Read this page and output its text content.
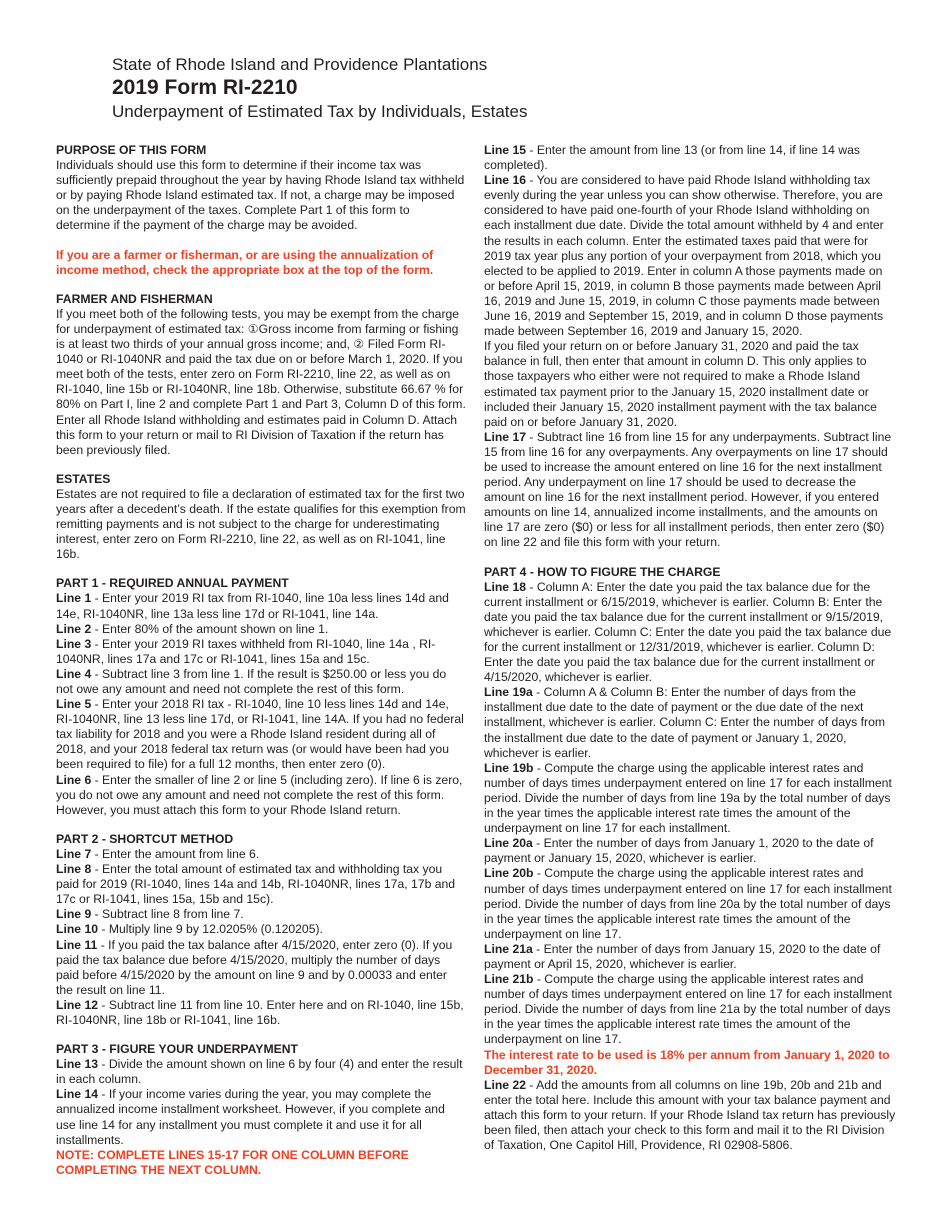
State of Rhode Island and Providence Plantations
2019 Form RI-2210
Underpayment of Estimated Tax by Individuals, Estates
PURPOSE OF THIS FORM

Individuals should use this form to determine if their income tax was sufficiently prepaid throughout the year by having Rhode Island tax withheld or by paying Rhode Island estimated tax. If not, a charge may be imposed on the underpayment of the taxes. Complete Part 1 of this form to determine if the payment of the charge may be avoided.

If you are a farmer or fisherman, or are using the annualization of income method, check the appropriate box at the top of the form.

FARMER AND FISHERMAN

If you meet both of the following tests, you may be exempt from the charge for underpayment of estimated tax: ①Gross income from farming or fishing is at least two thirds of your annual gross income; and, ② Filed Form RI-1040 or RI-1040NR and paid the tax due on or before March 1, 2020. If you meet both of the tests, enter zero on Form RI-2210, line 22, as well as on RI-1040, line 15b or RI-1040NR, line 18b. Otherwise, substitute 66.67 % for 80% on Part I, line 2 and complete Part 1 and Part 3, Column D of this form. Enter all Rhode Island withholding and estimates paid in Column D. Attach this form to your return or mail to RI Division of Taxation if the return has been previously filed.

ESTATES

Estates are not required to file a declaration of estimated tax for the first two years after a decedent’s death. If the estate qualifies for this exemption from remitting payments and is not subject to the charge for underestimating interest, enter zero on Form RI-2210, line 22, as well as on RI-1041, line 16b.

PART 1 - REQUIRED ANNUAL PAYMENT

Line 1 - Enter your 2019 RI tax from RI-1040, line 10a less lines 14d and 14e, RI-1040NR, line 13a less line 17d or RI-1041, line 14a.

Line 2 - Enter 80% of the amount shown on line 1.

Line 3 - Enter your 2019 RI taxes withheld from RI-1040, line 14a , RI-1040NR, lines 17a and 17c or RI-1041, lines 15a and 15c.

Line 4 - Subtract line 3 from line 1. If the result is $250.00 or less you do not owe any amount and need not complete the rest of this form.

Line 5 - Enter your 2018 RI tax - RI-1040, line 10 less lines 14d and 14e, RI-1040NR, line 13 less line 17d, or RI-1041, line 14A. If you had no federal tax liability for 2018 and you were a Rhode Island resident during all of 2018, and your 2018 federal tax return was (or would have been had you been required to file) for a full 12 months, then enter zero (0).

Line 6 - Enter the smaller of line 2 or line 5 (including zero). If line 6 is zero, you do not owe any amount and need not complete the rest of this form. However, you must attach this form to your Rhode Island return.

PART 2 - SHORTCUT METHOD

Line 7 - Enter the amount from line 6.

Line 8 - Enter the total amount of estimated tax and withholding tax you paid for 2019 (RI-1040, lines 14a and 14b, RI-1040NR, lines 17a, 17b and 17c or RI-1041, lines 15a, 15b and 15c).

Line 9 - Subtract line 8 from line 7.

Line 10 - Multiply line 9 by 12.0205% (0.120205).

Line 11 - If you paid the tax balance after 4/15/2020, enter zero (0). If you paid the tax balance due before 4/15/2020, multiply the number of days paid before 4/15/2020 by the amount on line 9 and by 0.00033 and enter the result on line 11.

Line 12 - Subtract line 11 from line 10. Enter here and on RI-1040, line 15b, RI-1040NR, line 18b or RI-1041, line 16b.

PART 3 - FIGURE YOUR UNDERPAYMENT

Line 13 - Divide the amount shown on line 6 by four (4) and enter the result in each column.

Line 14 - If your income varies during the year, you may complete the annualized income installment worksheet. However, if you complete and use line 14 for any installment you must complete it and use it for all installments.

NOTE: COMPLETE LINES 15-17 FOR ONE COLUMN BEFORE COMPLETING THE NEXT COLUMN.

Line 15 - Enter the amount from line 13 (or from line 14, if line 14 was completed).

Line 16 - You are considered to have paid Rhode Island withholding tax evenly during the year unless you can show otherwise. Therefore, you are considered to have paid one-fourth of your Rhode Island withholding on each installment due date. Divide the total amount withheld by 4 and enter the results in each column. Enter the estimated taxes paid that were for 2019 tax year plus any portion of your overpayment from 2018, which you elected to be applied to 2019. Enter in column A those payments made on or before April 15, 2019, in column B those payments made between April 16, 2019 and June 15, 2019, in column C those payments made between June 16, 2019 and September 15, 2019, and in column D those payments made between September 16, 2019 and January 15, 2020.

If you filed your return on or before January 31, 2020 and paid the tax balance in full, then enter that amount in column D. This only applies to those taxpayers who either were not required to make a Rhode Island estimated tax payment prior to the January 15, 2020 installment date or included their January 15, 2020 installment payment with the tax balance paid on or before January 31, 2020.

Line 17 - Subtract line 16 from line 15 for any underpayments. Subtract line 15 from line 16 for any overpayments. Any overpayments on line 17 should be used to increase the amount entered on line 16 for the next installment period. Any underpayment on line 17 should be used to decrease the amount on line 16 for the next installment period. However, if you entered amounts on line 14, annualized income installments, and the amounts on line 17 are zero ($0) or less for all installment periods, then enter zero ($0) on line 22 and file this form with your return.

PART 4 - HOW TO FIGURE THE CHARGE

Line 18 - Column A: Enter the date you paid the tax balance due for the current installment or 6/15/2019, whichever is earlier. Column B: Enter the date you paid the tax balance due for the current installment or 9/15/2019, whichever is earlier. Column C: Enter the date you paid the tax balance due for the current installment or 12/31/2019, whichever is earlier. Column D: Enter the date you paid the tax balance due for the current installment or 4/15/2020, whichever is earlier.

Line 19a - Column A & Column B: Enter the number of days from the installment due date to the date of payment or the due date of the next installment, whichever is earlier. Column C: Enter the number of days from the installment due date to the date of payment or January 1, 2020, whichever is earlier.

Line 19b - Compute the charge using the applicable interest rates and number of days times underpayment entered on line 17 for each installment period. Divide the number of days from line 19a by the total number of days in the year times the applicable interest rate times the amount of the underpayment on line 17 for each installment.

Line 20a - Enter the number of days from January 1, 2020 to the date of payment or January 15, 2020, whichever is earlier.

Line 20b - Compute the charge using the applicable interest rates and number of days times underpayment entered on line 17 for each installment period. Divide the number of days from line 20a by the total number of days in the year times the applicable interest rate times the amount of the underpayment on line 17.

Line 21a - Enter the number of days from January 15, 2020 to the date of payment or April 15, 2020, whichever is earlier.

Line 21b - Compute the charge using the applicable interest rates and number of days times underpayment entered on line 17 for each installment period. Divide the number of days from line 21a by the total number of days in the year times the applicable interest rate times the amount of the underpayment on line 17.

The interest rate to be used is 18% per annum from January 1, 2020 to December 31, 2020.

Line 22 - Add the amounts from all columns on line 19b, 20b and 21b and enter the total here. Include this amount with your tax balance payment and attach this form to your return. If your Rhode Island tax return has previously been filed, then attach your check to this form and mail it to the RI Division of Taxation, One Capitol Hill, Providence, RI 02908-5806.
